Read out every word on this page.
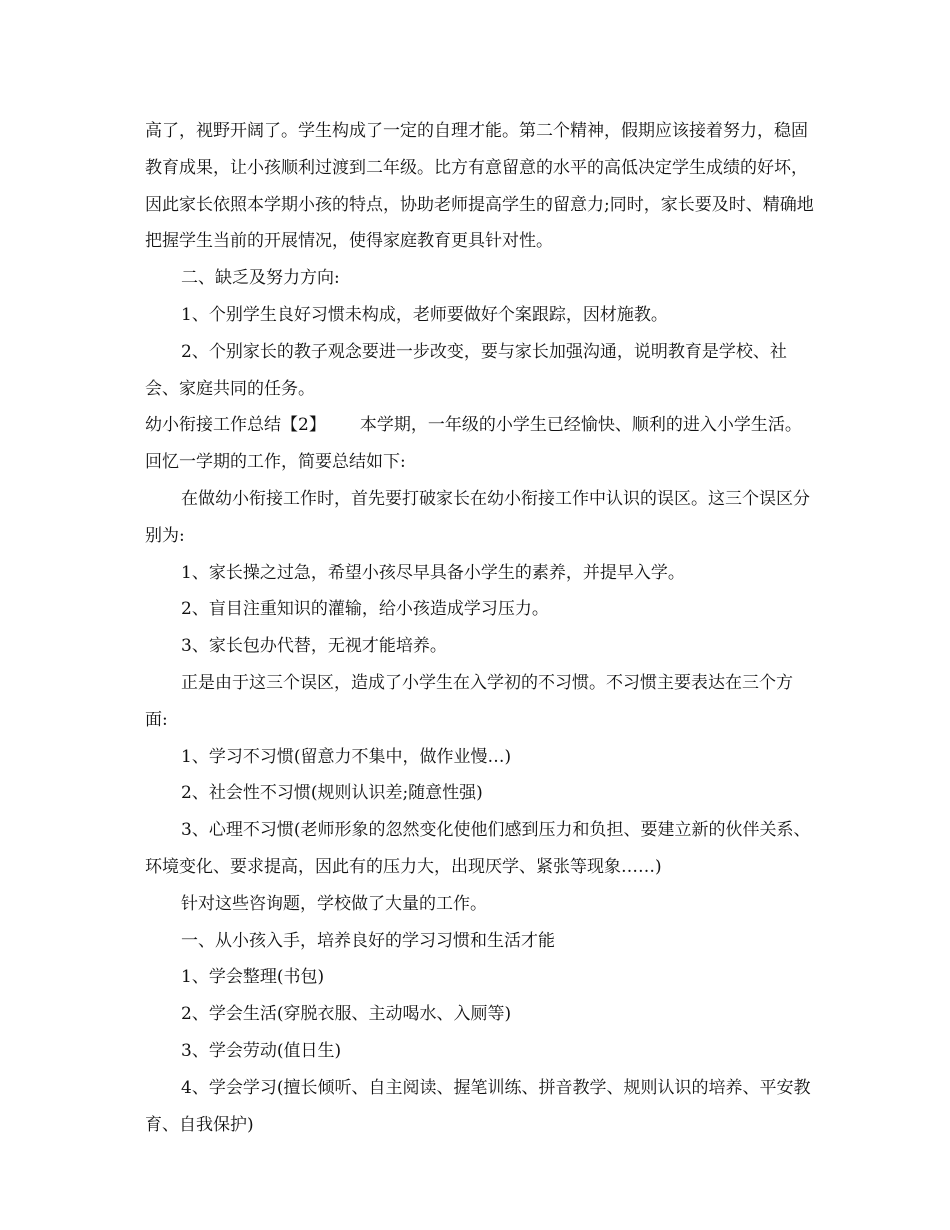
高了，视野开阔了。学生构成了一定的自理才能。第二个精神，假期应该接着努力，稳固教育成果，让小孩顺利过渡到二年级。比方有意留意的水平的高低决定学生成绩的好坏，因此家长依照本学期小孩的特点，协助老师提高学生的留意力;同时，家长要及时、精确地把握学生当前的开展情况，使得家庭教育更具针对性。

二、缺乏及努力方向:

1、个别学生良好习惯未构成，老师要做好个案跟踪，因材施教。

2、个别家长的教子观念要进一步改变，要与家长加强沟通，说明教育是学校、社会、家庭共同的任务。

幼小衔接工作总结【2】 本学期，一年级的小学生已经愉快、顺利的进入小学生活。回忆一学期的工作，简要总结如下:

在做幼小衔接工作时，首先要打破家长在幼小衔接工作中认识的误区。这三个误区分别为:

1、家长操之过急，希望小孩尽早具备小学生的素养，并提早入学。

2、盲目注重知识的灌输，给小孩造成学习压力。

3、家长包办代替，无视才能培养。

正是由于这三个误区，造成了小学生在入学初的不习惯。不习惯主要表达在三个方面:

1、学习不习惯(留意力不集中，做作业慢…)

2、社会性不习惯(规则认识差;随意性强)

3、心理不习惯(老师形象的忽然变化使他们感到压力和负担、要建立新的伙伴关系、环境变化、要求提高，因此有的压力大，出现厌学、紧张等现象……)

针对这些咨询题，学校做了大量的工作。

一、从小孩入手，培养良好的学习习惯和生活才能

1、学会整理(书包)

2、学会生活(穿脱衣服、主动喝水、入厕等)

3、学会劳动(值日生)

4、学会学习(擅长倾听、自主阅读、握笔训练、拼音教学、规则认识的培养、平安教育、自我保护)
